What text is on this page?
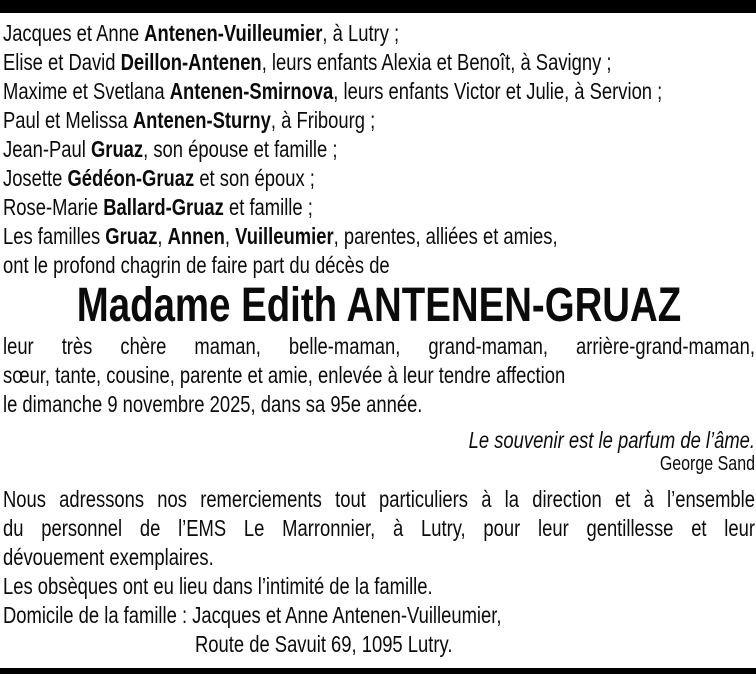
Jacques et Anne Antenen-Vuilleumier, à Lutry ;
Elise et David Deillon-Antenen, leurs enfants Alexia et Benoît, à Savigny ;
Maxime et Svetlana Antenen-Smirnova, leurs enfants Victor et Julie, à Servion ;
Paul et Melissa Antenen-Sturny, à Fribourg ;
Jean-Paul Gruaz, son épouse et famille ;
Josette Gédéon-Gruaz et son époux ;
Rose-Marie Ballard-Gruaz et famille ;
Les familles Gruaz, Annen, Vuilleumier, parentes, alliées et amies,
ont le profond chagrin de faire part du décès de
Madame Edith ANTENEN-GRUAZ
leur très chère maman, belle-maman, grand-maman, arrière-grand-maman,
sœur, tante, cousine, parente et amie, enlevée à leur tendre affection
le dimanche 9 novembre 2025, dans sa 95e année.
Le souvenir est le parfum de l’âme.
George Sand
Nous adressons nos remerciements tout particuliers à la direction et à l’ensemble
du personnel de l’EMS Le Marronnier, à Lutry, pour leur gentillesse et leur
dévouement exemplaires.
Les obsèques ont eu lieu dans l’intimité de la famille.
Domicile de la famille : Jacques et Anne Antenen-Vuilleumier,
Route de Savuit 69, 1095 Lutry.
